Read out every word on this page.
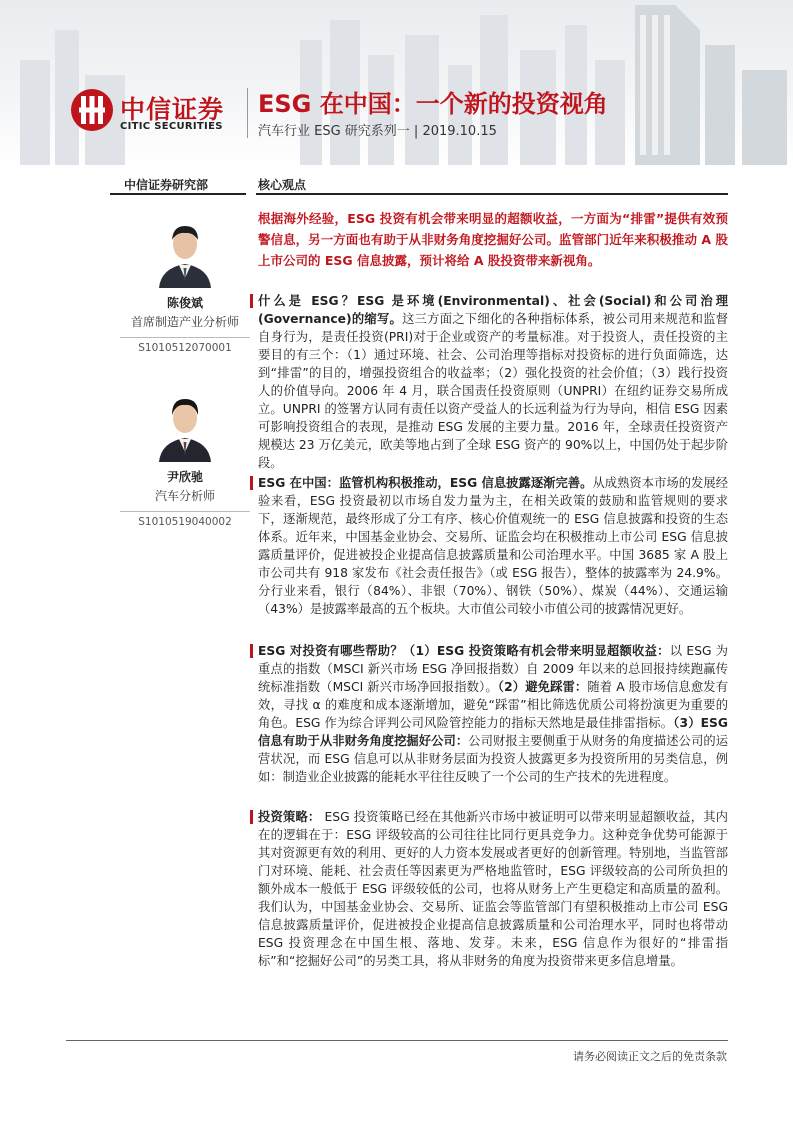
中信证券
CITIC SECURITIES
ESG 在中国：一个新的投资视角
汽车行业 ESG 研究系列一 | 2019.10.15
中信证券研究部	核心观点
根据海外经验，ESG 投资有机会带来明显的超额收益，一方面为“排雷”提供有效预警信息，另一方面也有助于从非财务角度挖掘好公司。监管部门近年来积极推动 A 股上市公司的 ESG 信息披露，预计将给 A 股投资带来新视角。
陈俊斌
首席制造产业分析师
S1010512070001
尹欣驰
汽车分析师
S1010519040002
什么是 ESG？ESG 是环境(Environmental)、社会(Social)和公司治理(Governance)的缩写。这三方面之下细化的各种指标体系，被公司用来规范和监督自身行为，是责任投资(PRI)对于企业或资产的考量标准。对于投资人，责任投资的主要目的有三个：（1）通过环境、社会、公司治理等指标对投资标的进行负面筛选，达到“排雷”的目的，增强投资组合的收益率；（2）强化投资的社会价值；（3）践行投资人的价值导向。2006 年 4 月，联合国责任投资原则（UNPRI）在纽约证券交易所成立。UNPRI 的签署方认同有责任以资产受益人的长远利益为行为导向，相信 ESG 因素可影响投资组合的表现，是推动 ESG 发展的主要力量。2016 年，全球责任投资资产规模达 23 万亿美元，欧美等地占到了全球 ESG 资产的 90%以上，中国仍处于起步阶段。
ESG 在中国：监管机构积极推动，ESG 信息披露逐渐完善。从成熟资本市场的发展经验来看，ESG 投资最初以市场自发力量为主，在相关政策的鼓励和监管规则的要求下，逐渐规范，最终形成了分工有序、核心价值观统一的 ESG 信息披露和投资的生态体系。近年来，中国基金业协会、交易所、证监会均在积极推动上市公司 ESG 信息披露质量评价，促进被投企业提高信息披露质量和公司治理水平。中国 3685 家 A 股上市公司共有 918 家发布《社会责任报告》（或 ESG 报告），整体的披露率为 24.9%。分行业来看，银行（84%）、非银（70%）、钢铁（50%）、煤炭（44%）、交通运输（43%）是披露率最高的五个板块。大市值公司较小市值公司的披露情况更好。
ESG 对投资有哪些帮助？（1）ESG 投资策略有机会带来明显超额收益：以 ESG 为重点的指数（MSCI 新兴市场 ESG 净回报指数）自 2009 年以来的总回报持续跑赢传统标准指数（MSCI 新兴市场净回报指数）。（2）避免踩雷：随着 A 股市场信息愈发有效，寻找 α 的难度和成本逐渐增加，避免“踩雷”相比筛选优质公司将扮演更为重要的角色。ESG 作为综合评判公司风险管控能力的指标天然地是最佳排雷指标。（3）ESG 信息有助于从非财务角度挖掘好公司：公司财报主要侧重于从财务的角度描述公司的运营状况，而 ESG 信息可以从非财务层面为投资人披露更多为投资所用的另类信息，例如：制造业企业披露的能耗水平往往反映了一个公司的生产技术的先进程度。
投资策略： ESG 投资策略已经在其他新兴市场中被证明可以带来明显超额收益，其内在的逻辑在于：ESG 评级较高的公司往往比同行更具竞争力。这种竞争优势可能源于其对资源更有效的利用、更好的人力资本发展或者更好的创新管理。特别地，当监管部门对环境、能耗、社会责任等因素更为严格地监管时，ESG 评级较高的公司所负担的额外成本一般低于 ESG 评级较低的公司，也将从财务上产生更稳定和高质量的盈利。我们认为，中国基金业协会、交易所、证监会等监管部门有望积极推动上市公司 ESG 信息披露质量评价，促进被投企业提高信息披露质量和公司治理水平，同时也将带动 ESG 投资理念在中国生根、落地、发芽。未来，ESG 信息作为很好的“排雷指标”和“挖掘好公司”的另类工具，将从非财务的角度为投资带来更多信息增量。
请务必阅读正文之后的免责条款
